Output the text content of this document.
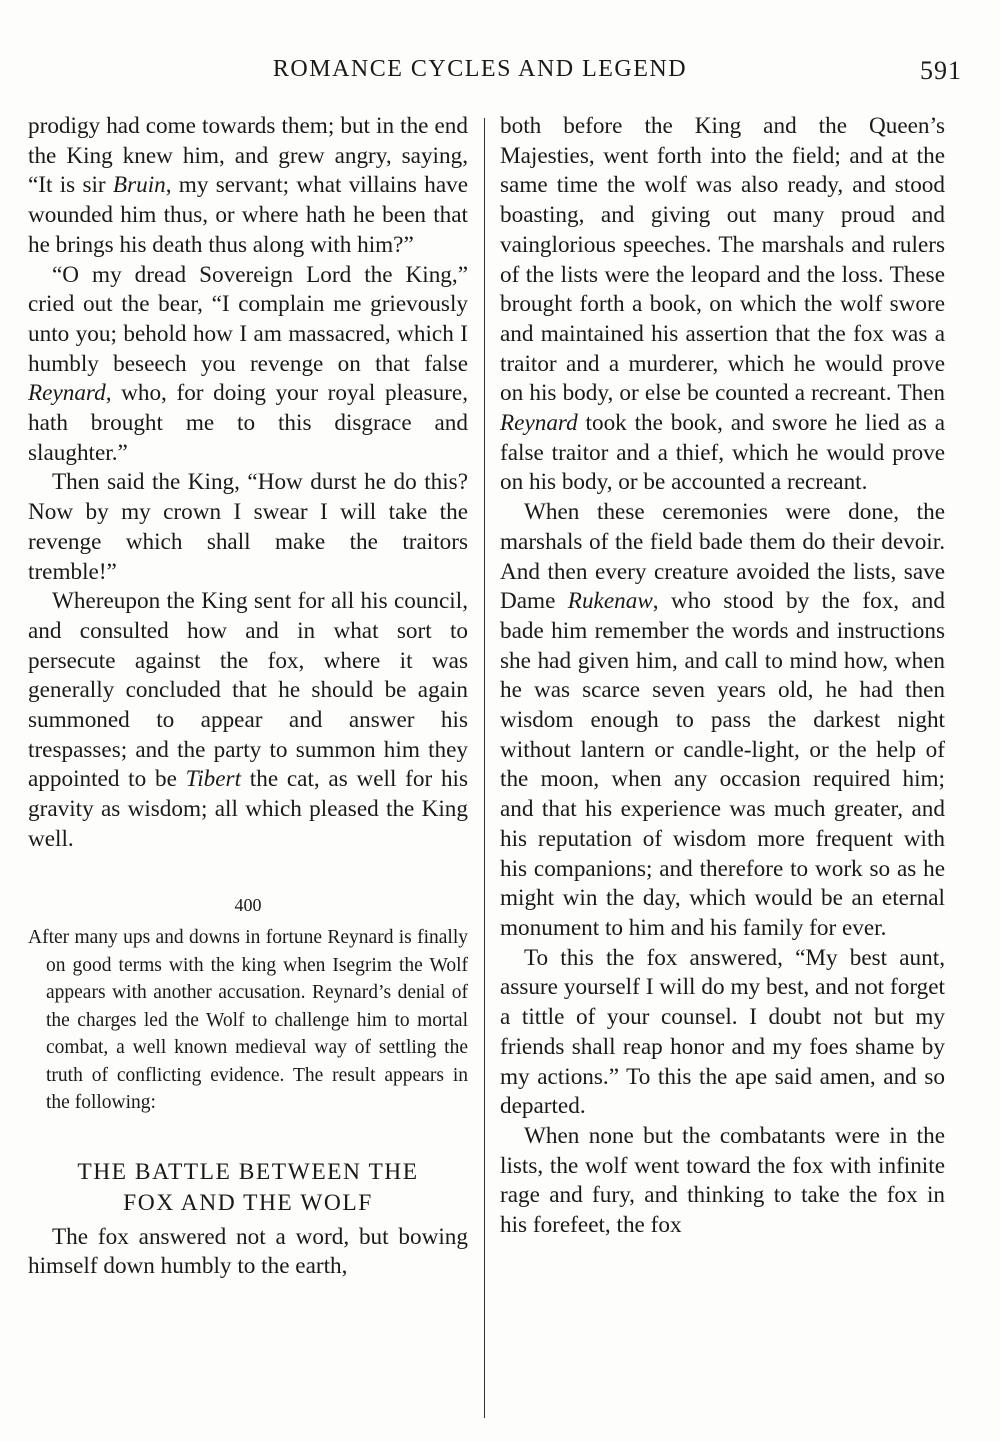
ROMANCE CYCLES AND LEGEND	591

prodigy had come towards them; but in the end the King knew him, and grew angry, saying, “It is sir Bruin, my servant; what villains have wounded him thus, or where hath he been that he brings his death thus along with him?”

“O my dread Sovereign Lord the King,” cried out the bear, “I complain me grievously unto you; behold how I am massacred, which I humbly beseech you revenge on that false Reynard, who, for doing your royal pleasure, hath brought me to this disgrace and slaughter.”

Then said the King, “How durst he do this? Now by my crown I swear I will take the revenge which shall make the traitors tremble!”

Whereupon the King sent for all his council, and consulted how and in what sort to persecute against the fox, where it was generally concluded that he should be again summoned to appear and answer his trespasses; and the party to summon him they appointed to be Tibert the cat, as well for his gravity as wisdom; all which pleased the King well.

400

After many ups and downs in fortune Reynard is finally on good terms with the king when Isegrim the Wolf appears with another accusation. Reynard’s denial of the charges led the Wolf to challenge him to mortal combat, a well known medieval way of settling the truth of conflicting evidence. The result appears in the following:

THE BATTLE BETWEEN THE
FOX AND THE WOLF

The fox answered not a word, but bowing himself down humbly to the earth,

both before the King and the Queen’s Majesties, went forth into the field; and at the same time the wolf was also ready, and stood boasting, and giving out many proud and vainglorious speeches. The marshals and rulers of the lists were the leopard and the loss. These brought forth a book, on which the wolf swore and maintained his assertion that the fox was a traitor and a murderer, which he would prove on his body, or else be counted a recreant. Then Reynard took the book, and swore he lied as a false traitor and a thief, which he would prove on his body, or be accounted a recreant.

When these ceremonies were done, the marshals of the field bade them do their devoir. And then every creature avoided the lists, save Dame Rukenaw, who stood by the fox, and bade him remember the words and instructions she had given him, and call to mind how, when he was scarce seven years old, he had then wisdom enough to pass the darkest night without lantern or candle-light, or the help of the moon, when any occasion required him; and that his experience was much greater, and his reputation of wisdom more frequent with his companions; and therefore to work so as he might win the day, which would be an eternal monument to him and his family for ever.

To this the fox answered, “My best aunt, assure yourself I will do my best, and not forget a tittle of your counsel. I doubt not but my friends shall reap honor and my foes shame by my actions.” To this the ape said amen, and so departed.

When none but the combatants were in the lists, the wolf went toward the fox with infinite rage and fury, and thinking to take the fox in his forefeet, the fox
